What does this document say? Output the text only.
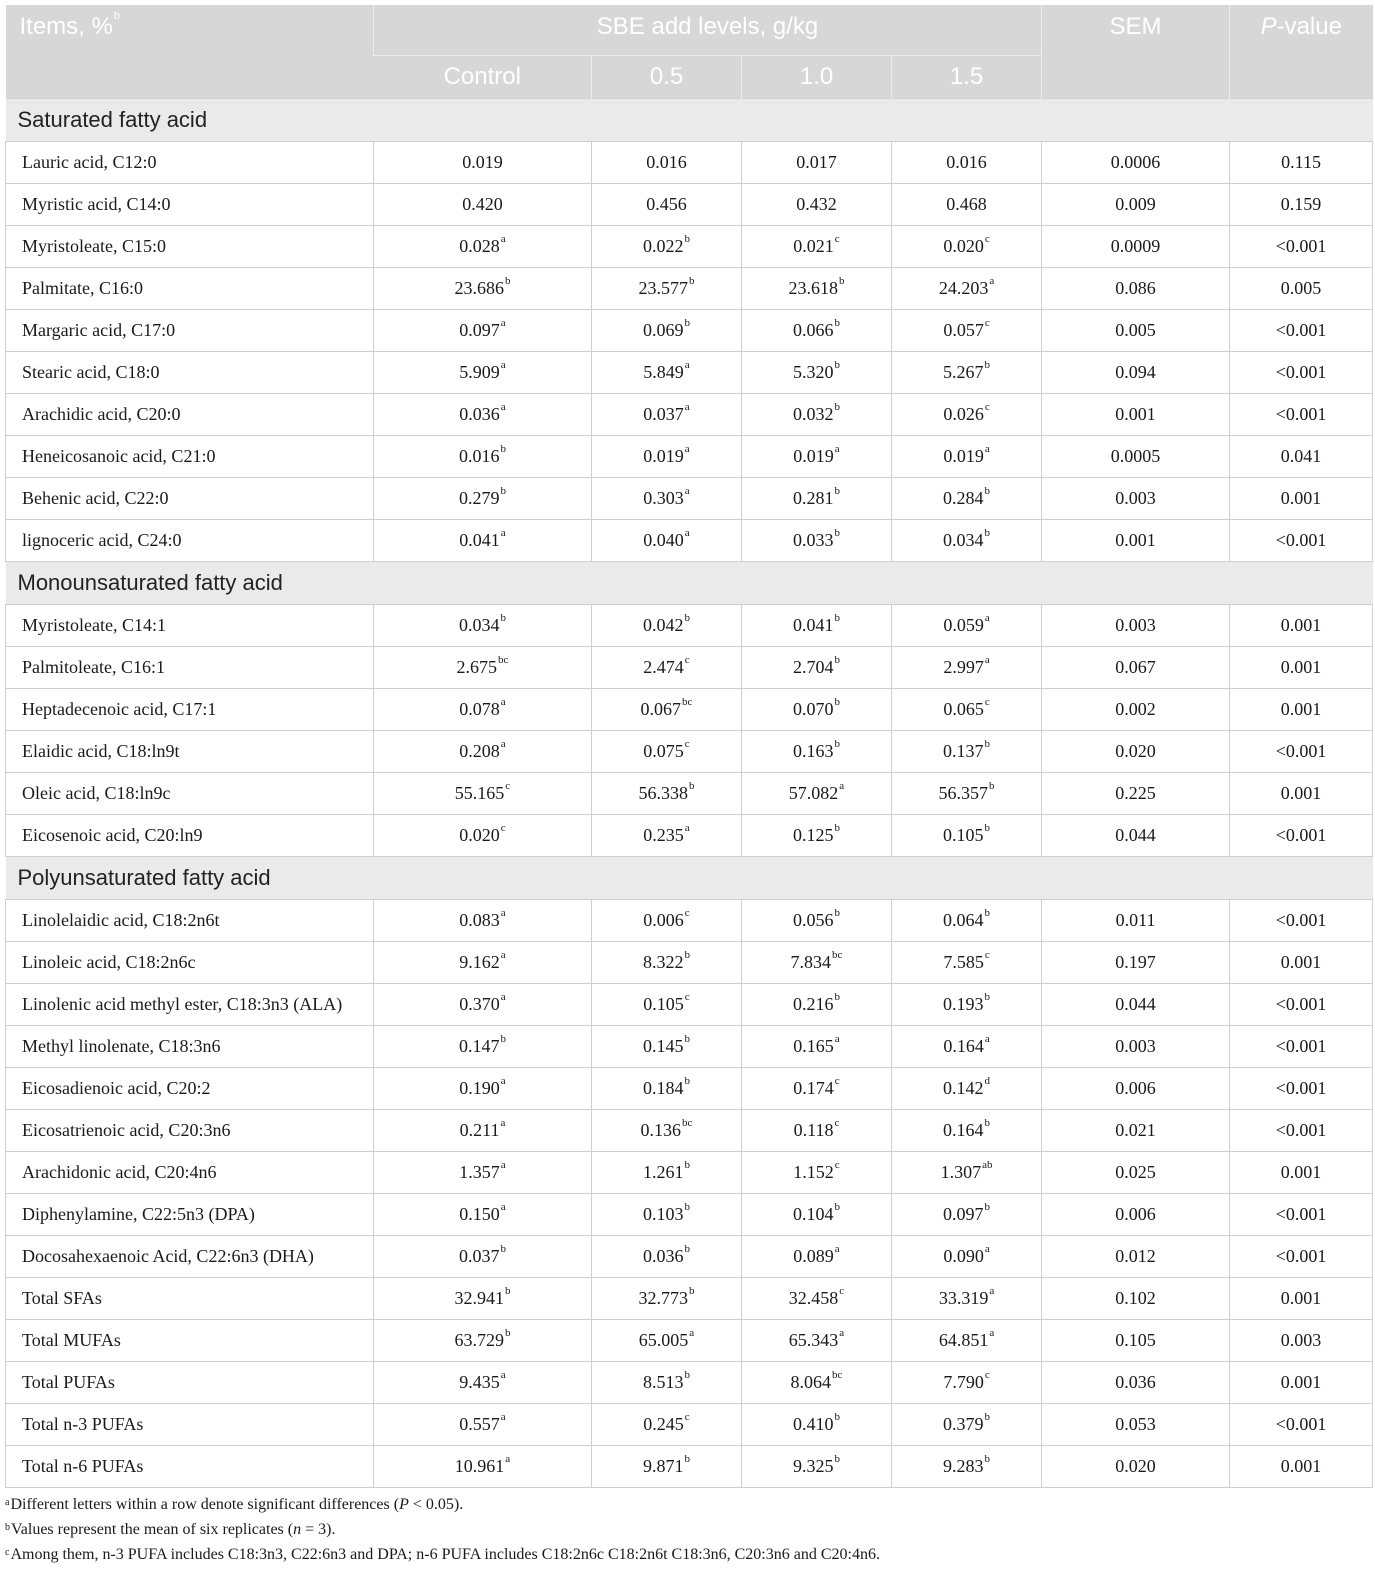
Items, %$^b$	SBE add levels, g/kg				SEM	P-value
	Control	0.5	1.0	1.5		
Saturated fatty acid						
Lauric acid, C12:0	0.019	0.016	0.017	0.016	0.0006	0.115
Myristic acid, C14:0	0.420	0.456	0.432	0.468	0.009	0.159
Myristoleate, C15:0	0.028$^a$	0.022$^b$	0.021$^c$	0.020$^c$	0.0009	<0.001
Palmitate, C16:0	23.686$^b$	23.577$^b$	23.618$^b$	24.203$^a$	0.086	0.005
Margaric acid, C17:0	0.097$^a$	0.069$^b$	0.066$^b$	0.057$^c$	0.005	<0.001
Stearic acid, C18:0	5.909$^a$	5.849$^a$	5.320$^b$	5.267$^b$	0.094	<0.001
Arachidic acid, C20:0	0.036$^a$	0.037$^a$	0.032$^b$	0.026$^c$	0.001	<0.001
Heneicosanoic acid, C21:0	0.016$^b$	0.019$^a$	0.019$^a$	0.019$^a$	0.0005	0.041
Behenic acid, C22:0	0.279$^b$	0.303$^a$	0.281$^b$	0.284$^b$	0.003	0.001
lignoceric acid, C24:0	0.041$^a$	0.040$^a$	0.033$^b$	0.034$^b$	0.001	<0.001
Monounsaturated fatty acid						
Myristoleate, C14:1	0.034$^b$	0.042$^b$	0.041$^b$	0.059$^a$	0.003	0.001
Palmitoleate, C16:1	2.675$^{bc}$	2.474$^c$	2.704$^b$	2.997$^a$	0.067	0.001
Heptadecenoic acid, C17:1	0.078$^a$	0.067$^{bc}$	0.070$^b$	0.065$^c$	0.002	0.001
Elaidic acid, C18:ln9t	0.208$^a$	0.075$^c$	0.163$^b$	0.137$^b$	0.020	<0.001
Oleic acid, C18:ln9c	55.165$^c$	56.338$^b$	57.082$^a$	56.357$^b$	0.225	0.001
Eicosenoic acid, C20:ln9	0.020$^c$	0.235$^a$	0.125$^b$	0.105$^b$	0.044	<0.001
Polyunsaturated fatty acid						
Linolelaidic acid, C18:2n6t	0.083$^a$	0.006$^c$	0.056$^b$	0.064$^b$	0.011	<0.001
Linoleic acid, C18:2n6c	9.162$^a$	8.322$^b$	7.834$^{bc}$	7.585$^c$	0.197	0.001
Linolenic acid methyl ester, C18:3n3 (ALA)	0.370$^a$	0.105$^c$	0.216$^b$	0.193$^b$	0.044	<0.001
Methyl linolenate, C18:3n6	0.147$^b$	0.145$^b$	0.165$^a$	0.164$^a$	0.003	<0.001
Eicosadienoic acid, C20:2	0.190$^a$	0.184$^b$	0.174$^c$	0.142$^d$	0.006	<0.001
Eicosatrienoic acid, C20:3n6	0.211$^a$	0.136$^{bc}$	0.118$^c$	0.164$^b$	0.021	<0.001
Arachidonic acid, C20:4n6	1.357$^a$	1.261$^b$	1.152$^c$	1.307$^{ab}$	0.025	0.001
Diphenylamine, C22:5n3 (DPA)	0.150$^a$	0.103$^b$	0.104$^b$	0.097$^b$	0.006	<0.001
Docosahexaenoic Acid, C22:6n3 (DHA)	0.037$^b$	0.036$^b$	0.089$^a$	0.090$^a$	0.012	<0.001
Total SFAs	32.941$^b$	32.773$^b$	32.458$^c$	33.319$^a$	0.102	0.001
Total MUFAs	63.729$^b$	65.005$^a$	65.343$^a$	64.851$^a$	0.105	0.003
Total PUFAs	9.435$^a$	8.513$^b$	8.064$^{bc}$	7.790$^c$	0.036	0.001
Total n-3 PUFAs	0.557$^a$	0.245$^c$	0.410$^b$	0.379$^b$	0.053	<0.001
Total n-6 PUFAs	10.961$^a$	9.871$^b$	9.325$^b$	9.283$^b$	0.020	0.001
$^a$Different letters within a row denote significant differences (P < 0.05).
$^b$Values represent the mean of six replicates (n = 3).
$^c$Among them, n-3 PUFA includes C18:3n3, C22:6n3 and DPA; n-6 PUFA includes C18:2n6c C18:2n6t C18:3n6, C20:3n6 and C20:4n6.
